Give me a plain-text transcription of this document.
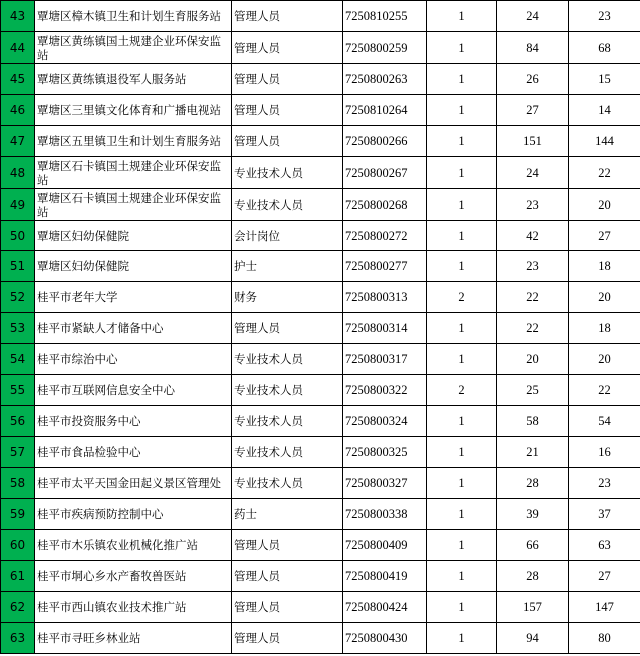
43	覃塘区樟木镇卫生和计划生育服务站	管理人员	7250810255	1	24	23
44	覃塘区黄练镇国土规建企业环保安监站	管理人员	7250800259	1	84	68
45	覃塘区黄练镇退役军人服务站	管理人员	7250800263	1	26	15
46	覃塘区三里镇文化体育和广播电视站	管理人员	7250810264	1	27	14
47	覃塘区五里镇卫生和计划生育服务站	管理人员	7250800266	1	151	144
48	覃塘区石卡镇国土规建企业环保安监站	专业技术人员	7250800267	1	24	22
49	覃塘区石卡镇国土规建企业环保安监站	专业技术人员	7250800268	1	23	20
50	覃塘区妇幼保健院	会计岗位	7250800272	1	42	27
51	覃塘区妇幼保健院	护士	7250800277	1	23	18
52	桂平市老年大学	财务	7250800313	2	22	20
53	桂平市紧缺人才储备中心	管理人员	7250800314	1	22	18
54	桂平市综治中心	专业技术人员	7250800317	1	20	20
55	桂平市互联网信息安全中心	专业技术人员	7250800322	2	25	22
56	桂平市投资服务中心	专业技术人员	7250800324	1	58	54
57	桂平市食品检验中心	专业技术人员	7250800325	1	21	16
58	桂平市太平天国金田起义景区管理处	专业技术人员	7250800327	1	28	23
59	桂平市疾病预防控制中心	药士	7250800338	1	39	37
60	桂平市木乐镇农业机械化推广站	管理人员	7250800409	1	66	63
61	桂平市垌心乡水产畜牧兽医站	管理人员	7250800419	1	28	27
62	桂平市西山镇农业技术推广站	管理人员	7250800424	1	157	147
63	桂平市寻旺乡林业站	管理人员	7250800430	1	94	80
